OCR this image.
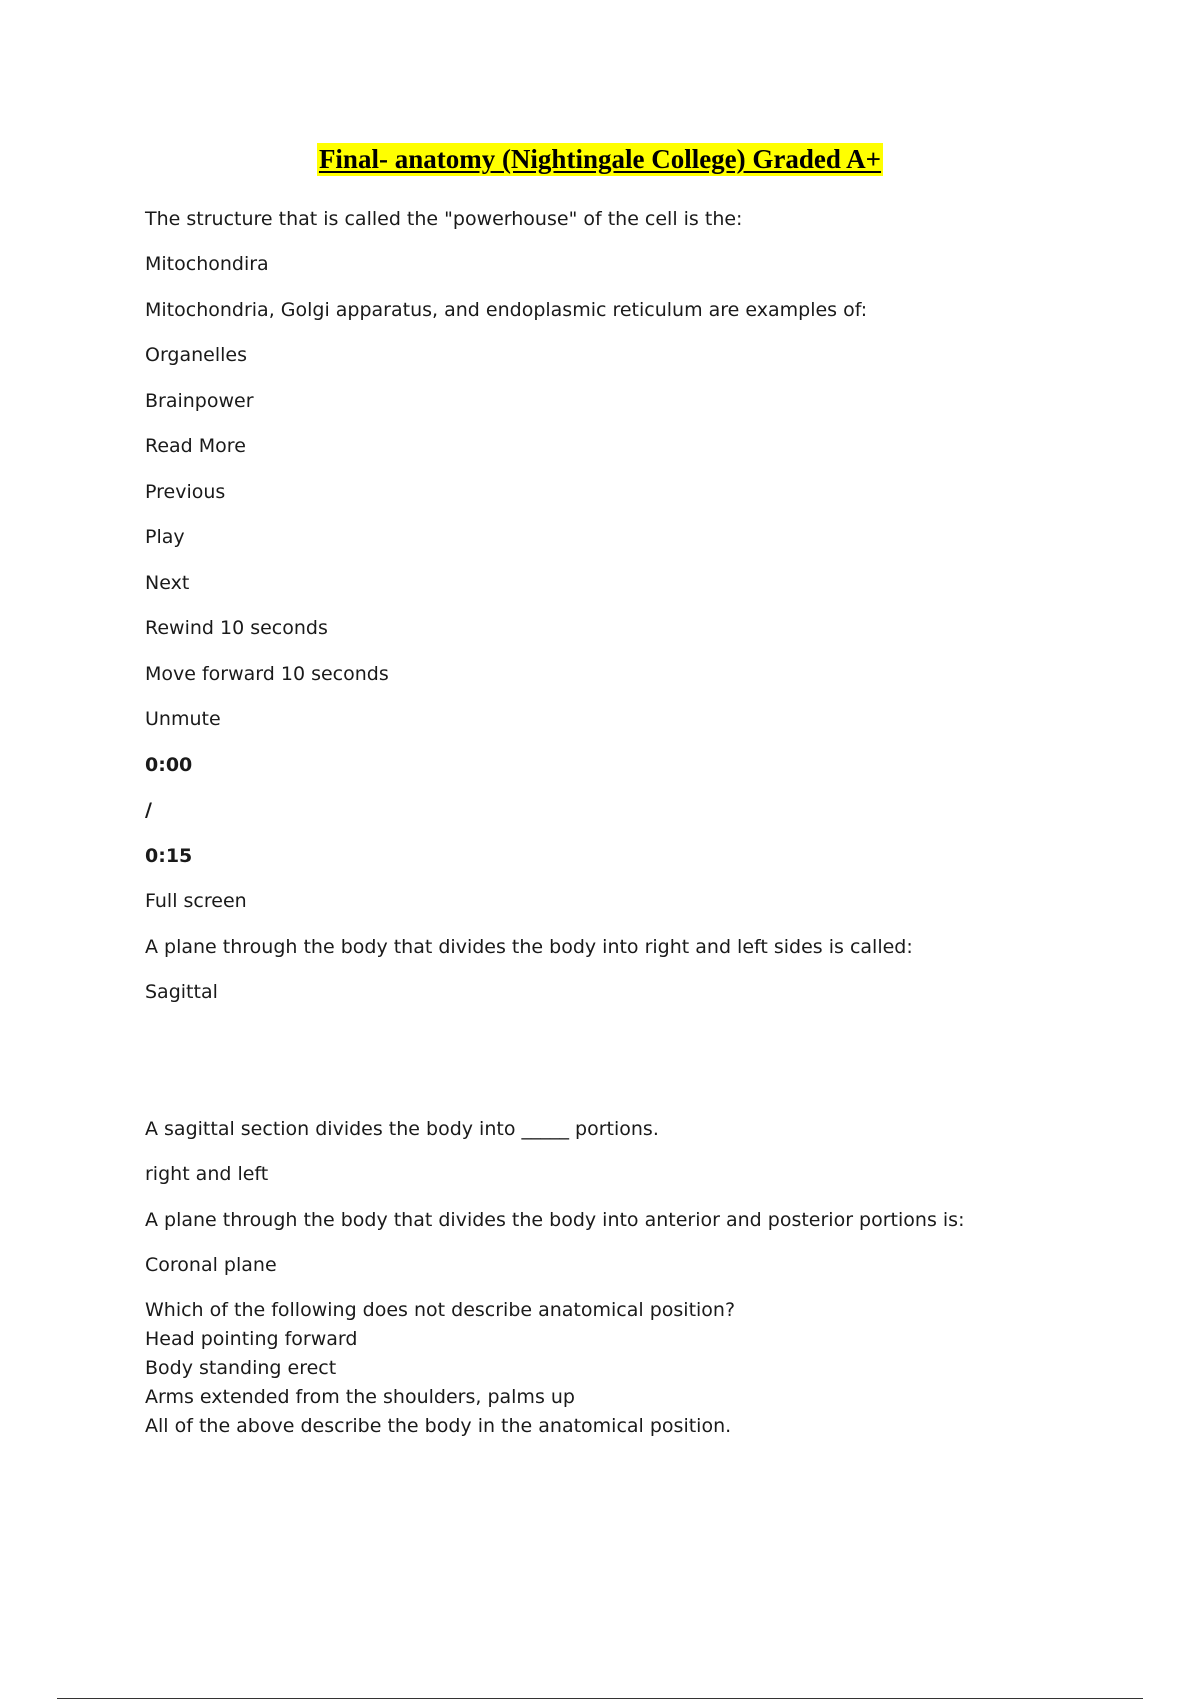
Final- anatomy (Nightingale College) Graded A+
The structure that is called the "powerhouse" of the cell is the:
Mitochondira
Mitochondria, Golgi apparatus, and endoplasmic reticulum are examples of:
Organelles
Brainpower
Read More
Previous
Play
Next
Rewind 10 seconds
Move forward 10 seconds
Unmute
0:00
/
0:15
Full screen
A plane through the body that divides the body into right and left sides is called:
Sagittal
A sagittal section divides the body into _____ portions.
right and left
A plane through the body that divides the body into anterior and posterior portions is:
Coronal plane
Which of the following does not describe anatomical position?
Head pointing forward
Body standing erect
Arms extended from the shoulders, palms up
All of the above describe the body in the anatomical position.
